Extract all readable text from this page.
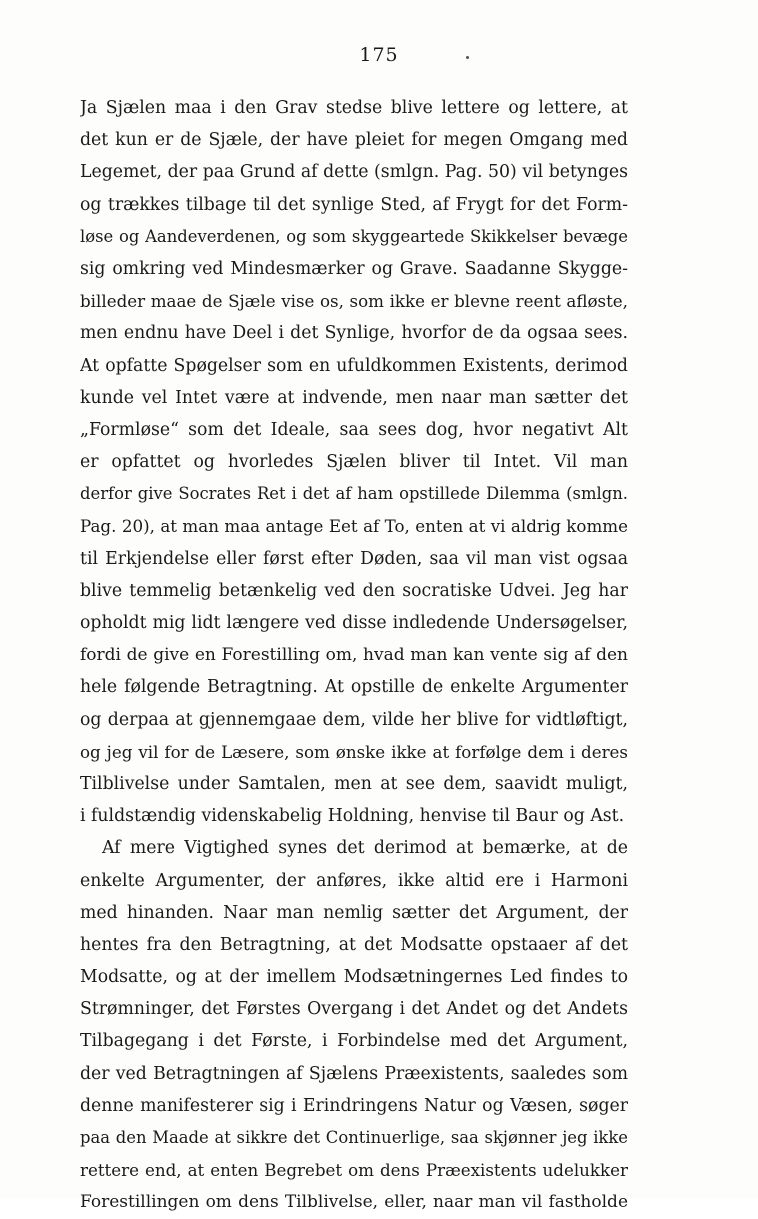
175
Ja Sjælen maa i den Grav stedse blive lettere og lettere, at
det kun er de Sjæle, der have pleiet for megen Omgang med
Legemet, der paa Grund af dette (smlgn. Pag. 50) vil betynges
og trækkes tilbage til det synlige Sted, af Frygt for det Form-
løse og Aandeverdenen, og som skyggeartede Skikkelser bevæge
sig omkring ved Mindesmærker og Grave. Saadanne Skygge-
billeder maae de Sjæle vise os, som ikke er blevne reent afløste,
men endnu have Deel i det Synlige, hvorfor de da ogsaa sees.
At opfatte Spøgelser som en ufuldkommen Existents, derimod
kunde vel Intet være at indvende, men naar man sætter det
„Formløse“ som det Ideale, saa sees dog, hvor negativt Alt
er opfattet og hvorledes Sjælen bliver til Intet. Vil man
derfor give Socrates Ret i det af ham opstillede Dilemma (smlgn.
Pag. 20), at man maa antage Eet af To, enten at vi aldrig komme
til Erkjendelse eller først efter Døden, saa vil man vist ogsaa
blive temmelig betænkelig ved den socratiske Udvei. Jeg har
opholdt mig lidt længere ved disse indledende Undersøgelser,
fordi de give en Forestilling om, hvad man kan vente sig af den
hele følgende Betragtning. At opstille de enkelte Argumenter
og derpaa at gjennemgaae dem, vilde her blive for vidtløftigt,
og jeg vil for de Læsere, som ønske ikke at forfølge dem i deres
Tilblivelse under Samtalen, men at see dem, saavidt muligt,
i fuldstændig videnskabelig Holdning, henvise til Baur og Ast.
Af mere Vigtighed synes det derimod at bemærke, at de
enkelte Argumenter, der anføres, ikke altid ere i Harmoni
med hinanden. Naar man nemlig sætter det Argument, der
hentes fra den Betragtning, at det Modsatte opstaaer af det
Modsatte, og at der imellem Modsætningernes Led findes to
Strømninger, det Førstes Overgang i det Andet og det Andets
Tilbagegang i det Første, i Forbindelse med det Argument,
der ved Betragtningen af Sjælens Præexistents, saaledes som
denne manifesterer sig i Erindringens Natur og Væsen, søger
paa den Maade at sikkre det Continuerlige, saa skjønner jeg ikke
rettere end, at enten Begrebet om dens Præexistents udelukker
Forestillingen om dens Tilblivelse, eller, naar man vil fastholde
